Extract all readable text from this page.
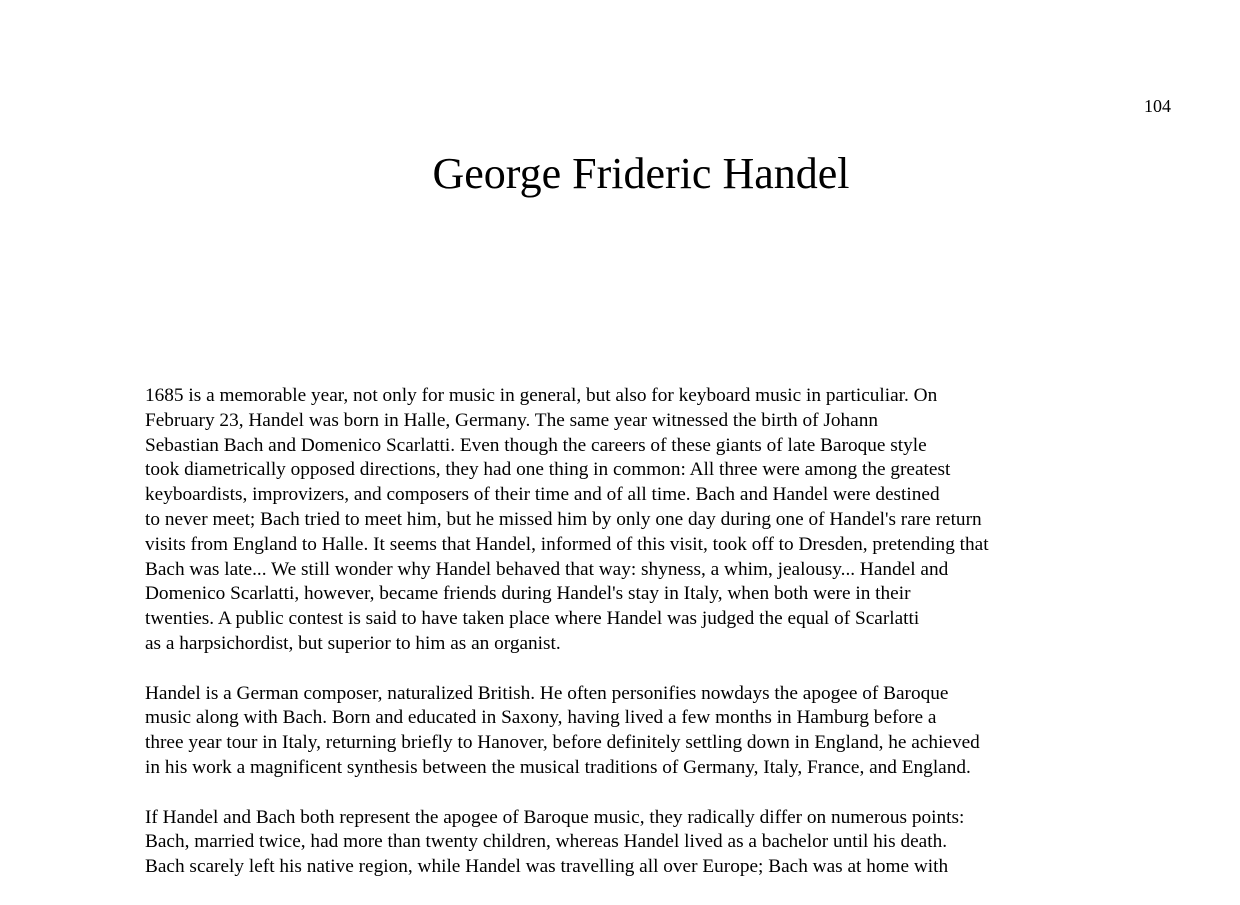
104
George Frideric Handel

1685 is a memorable year, not only for music in general, but also for keyboard music in particuliar. On
February 23, Handel was born in Halle, Germany. The same year witnessed the birth of Johann
Sebastian Bach and Domenico Scarlatti. Even though the careers of these giants of late Baroque style
took diametrically opposed directions, they had one thing in common: All three were among the greatest
keyboardists, improvizers, and composers of their time and of all time. Bach and Handel were destined
to never meet; Bach tried to meet him, but he missed him by only one day during one of Handel's rare return
visits from England to Halle. It seems that Handel, informed of this visit, took off to Dresden, pretending that
Bach was late... We still wonder why Handel behaved that way: shyness, a whim, jealousy... Handel and
Domenico Scarlatti, however, became friends during Handel's stay in Italy, when both were in their
twenties. A public contest is said to have taken place where Handel was judged the equal of Scarlatti
as a harpsichordist, but superior to him as an organist.

Handel is a German composer, naturalized British. He often personifies nowdays the apogee of Baroque
music along with Bach. Born and educated in Saxony, having lived a few months in Hamburg before a
three year tour in Italy, returning briefly to Hanover, before definitely settling down in England, he achieved
in his work a magnificent synthesis between the musical traditions of Germany, Italy, France, and England.

If Handel and Bach both represent the apogee of Baroque music, they radically differ on numerous points:
Bach, married twice, had more than twenty children, whereas Handel lived as a bachelor until his death.
Bach scarely left his native region, while Handel was travelling all over Europe; Bach was at home with
